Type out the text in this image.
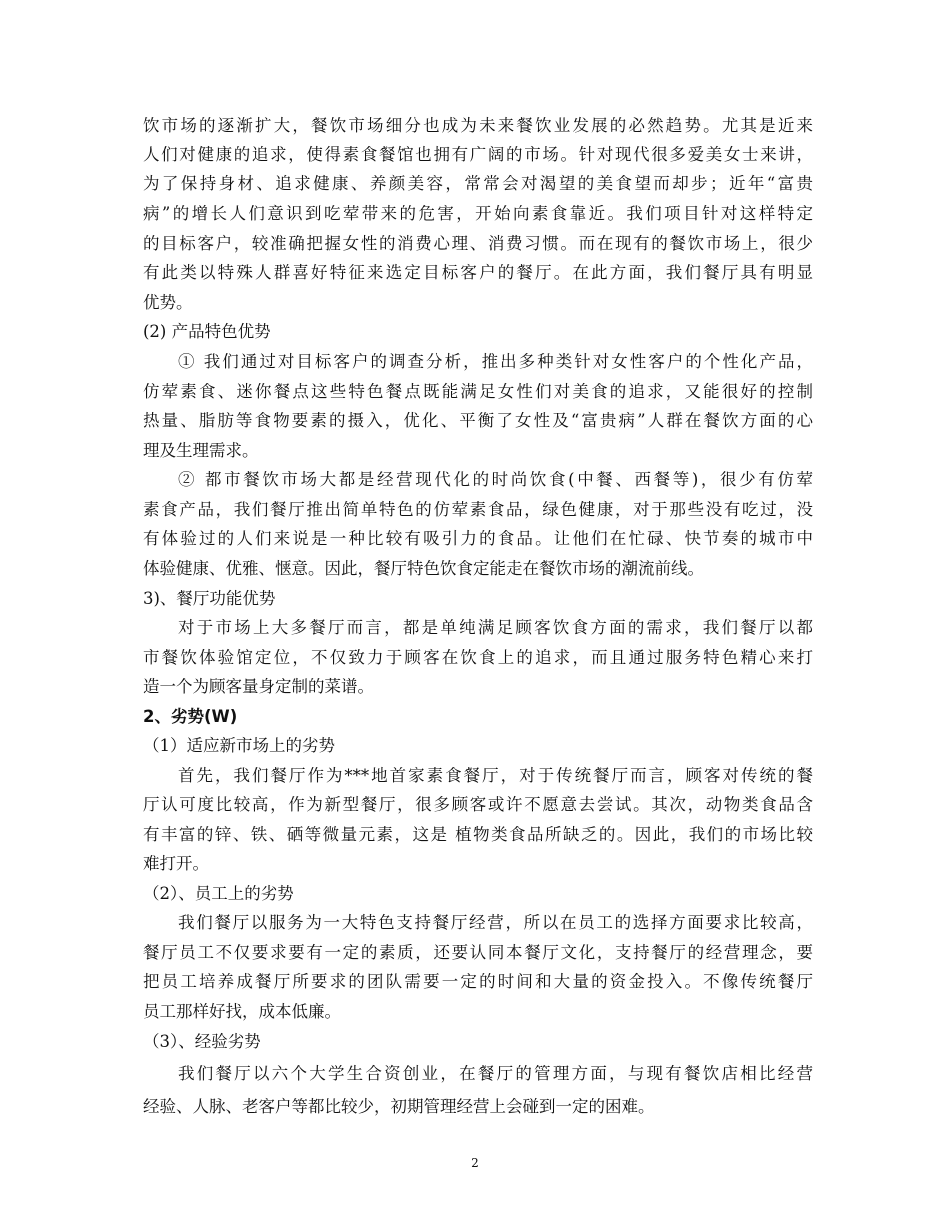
饮市场的逐渐扩大，餐饮市场细分也成为未来餐饮业发展的必然趋势。尤其是近来
人们对健康的追求，使得素食餐馆也拥有广阔的市场。针对现代很多爱美女士来讲，
为了保持身材、追求健康、养颜美容，常常会对渴望的美食望而却步；近年“富贵
病”的增长人们意识到吃荤带来的危害，开始向素食靠近。我们项目针对这样特定
的目标客户，较准确把握女性的消费心理、消费习惯。而在现有的餐饮市场上，很少
有此类以特殊人群喜好特征来选定目标客户的餐厅。在此方面，我们餐厅具有明显
优势。
(2) 产品特色优势
① 我们通过对目标客户的调查分析，推出多种类针对女性客户的个性化产品，
仿荤素食、迷你餐点这些特色餐点既能满足女性们对美食的追求，又能很好的控制
热量、脂肪等食物要素的摄入，优化、平衡了女性及“富贵病”人群在餐饮方面的心
理及生理需求。
② 都市餐饮市场大都是经营现代化的时尚饮食(中餐、西餐等)，很少有仿荤
素食产品，我们餐厅推出简单特色的仿荤素食品，绿色健康，对于那些没有吃过，没
有体验过的人们来说是一种比较有吸引力的食品。让他们在忙碌、快节奏的城市中
体验健康、优雅、惬意。因此，餐厅特色饮食定能走在餐饮市场的潮流前线。
3)、餐厅功能优势
对于市场上大多餐厅而言，都是单纯满足顾客饮食方面的需求，我们餐厅以都
市餐饮体验馆定位，不仅致力于顾客在饮食上的追求，而且通过服务特色精心来打
造一个为顾客量身定制的菜谱。
2、劣势(W)
（1）适应新市场上的劣势
首先，我们餐厅作为***地首家素食餐厅，对于传统餐厅而言，顾客对传统的餐
厅认可度比较高，作为新型餐厅，很多顾客或许不愿意去尝试。其次，动物类食品含
有丰富的锌、铁、硒等微量元素，这是 植物类食品所缺乏的。因此，我们的市场比较
难打开。
（2）、员工上的劣势
我们餐厅以服务为一大特色支持餐厅经营，所以在员工的选择方面要求比较高，
餐厅员工不仅要求要有一定的素质，还要认同本餐厅文化，支持餐厅的经营理念，要
把员工培养成餐厅所要求的团队需要一定的时间和大量的资金投入。不像传统餐厅
员工那样好找，成本低廉。
（3）、经验劣势
我们餐厅以六个大学生合资创业，在餐厅的管理方面，与现有餐饮店相比经营
经验、人脉、老客户等都比较少，初期管理经营上会碰到一定的困难。
2
